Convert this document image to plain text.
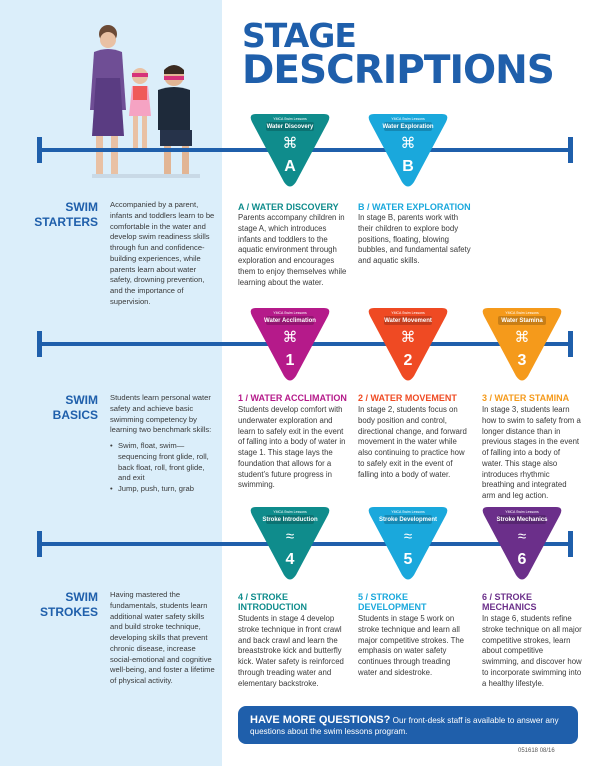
STAGE
DESCRIPTIONS
SWIM
STARTERS
Accompanied by a parent, infants and toddlers learn to be comfortable in the water and develop swim readiness skills through fun and confidence-building experiences, while parents learn about water safety, drowning prevention, and the importance of supervision.
SWIM
BASICS
Students learn personal water safety and achieve basic swimming competency by learning two benchmark skills:
• Swim, float, swim—sequencing front glide, roll, back float, roll, front glide, and exit
• Jump, push, turn, grab
SWIM
STROKES
Having mastered the fundamentals, students learn additional water safety skills and build stroke technique, developing skills that prevent chronic disease, increase social-emotional and cognitive well-being, and foster a lifetime of physical activity.
YMCA Swim Lessons
Water Discovery
⌘
A
YMCA Swim Lessons
Water Exploration
⌘
B
YMCA Swim Lessons
Water Acclimation
⌘
1
YMCA Swim Lessons
Water Movement
⌘
2
YMCA Swim Lessons
Water Stamina
⌘
3
YMCA Swim Lessons
Stroke Introduction
≈
4
YMCA Swim Lessons
Stroke Development
≈
5
YMCA Swim Lessons
Stroke Mechanics
≈
6
A / WATER DISCOVERY
Parents accompany children in stage A, which introduces infants and toddlers to the aquatic environment through exploration and encourages them to enjoy themselves while learning about the water.
B / WATER EXPLORATION
In stage B, parents work with their children to explore body positions, floating, blowing bubbles, and fundamental safety and aquatic skills.
1 / WATER ACCLIMATION
Students develop comfort with underwater exploration and learn to safely exit in the event of falling into a body of water in stage 1. This stage lays the foundation that allows for a student’s future progress in swimming.
2 / WATER MOVEMENT
In stage 2, students focus on body position and control, directional change, and forward movement in the water while also continuing to practice how to safely exit in the event of falling into a body of water.
3 / WATER STAMINA
In stage 3, students learn how to swim to safety from a longer distance than in previous stages in the event of falling into a body of water. This stage also introduces rhythmic breathing and integrated arm and leg action.
4 / STROKE
INTRODUCTION
Students in stage 4 develop stroke technique in front crawl and back crawl and learn the breaststroke kick and butterfly kick. Water safety is reinforced through treading water and elementary backstroke.
5 / STROKE
DEVELOPMENT
Students in stage 5 work on stroke technique and learn all major competitive strokes. The emphasis on water safety continues through treading water and sidestroke.
6 / STROKE
MECHANICS
In stage 6, students refine stroke technique on all major competitive strokes, learn about competitive swimming, and discover how to incorporate swimming into a healthy lifestyle.
HAVE MORE QUESTIONS? Our front-desk staff is available to answer any questions about the swim lessons program.
051618 08/16
